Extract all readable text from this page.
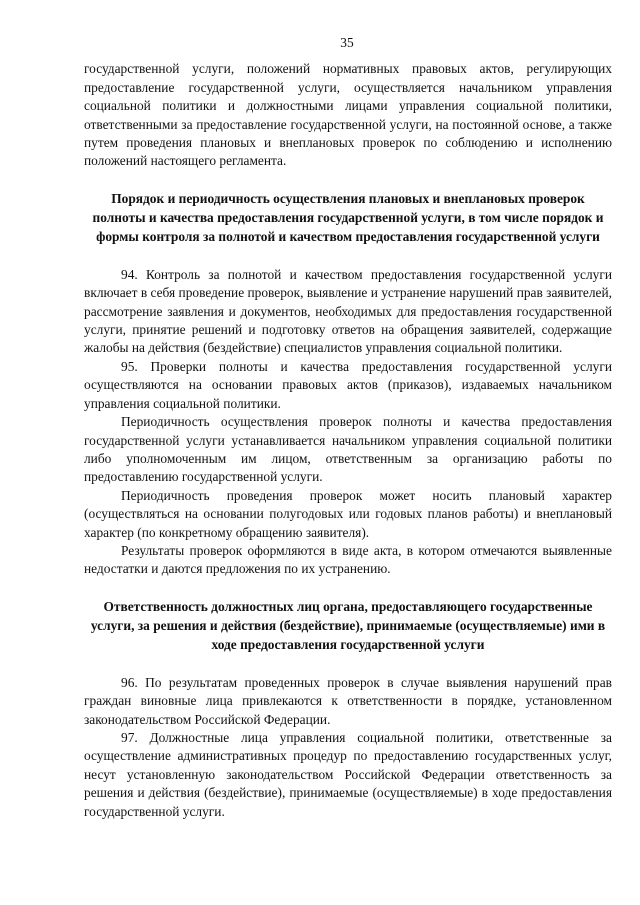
35

государственной услуги, положений нормативных правовых актов, регулирующих предоставление государственной услуги, осуществляется начальником управления социальной политики и должностными лицами управления социальной политики, ответственными за предоставление государственной услуги, на постоянной основе, а также путем проведения плановых и внеплановых проверок по соблюдению и исполнению положений настоящего регламента.

Порядок и периодичность осуществления плановых и внеплановых проверок полноты и качества предоставления государственной услуги, в том числе порядок и формы контроля за полнотой и качеством предоставления государственной услуги

94. Контроль за полнотой и качеством предоставления государственной услуги включает в себя проведение проверок, выявление и устранение нарушений прав заявителей, рассмотрение заявления и документов, необходимых для предоставления государственной услуги, принятие решений и подготовку ответов на обращения заявителей, содержащие жалобы на действия (бездействие) специалистов управления социальной политики.

95. Проверки полноты и качества предоставления государственной услуги осуществляются на основании правовых актов (приказов), издаваемых начальником управления социальной политики.

Периодичность осуществления проверок полноты и качества предоставления государственной услуги устанавливается начальником управления социальной политики либо уполномоченным им лицом, ответственным за организацию работы по предоставлению государственной услуги.

Периодичность проведения проверок может носить плановый характер (осуществляться на основании полугодовых или годовых планов работы) и внеплановый характер (по конкретному обращению заявителя).

Результаты проверок оформляются в виде акта, в котором отмечаются выявленные недостатки и даются предложения по их устранению.

Ответственность должностных лиц органа, предоставляющего государственные услуги, за решения и действия (бездействие), принимаемые (осуществляемые) ими в ходе предоставления государственной услуги

96. По результатам проведенных проверок в случае выявления нарушений прав граждан виновные лица привлекаются к ответственности в порядке, установленном законодательством Российской Федерации.

97. Должностные лица управления социальной политики, ответственные за осуществление административных процедур по предоставлению государственных услуг, несут установленную законодательством Российской Федерации ответственность за решения и действия (бездействие), принимаемые (осуществляемые) в ходе предоставления государственной услуги.
